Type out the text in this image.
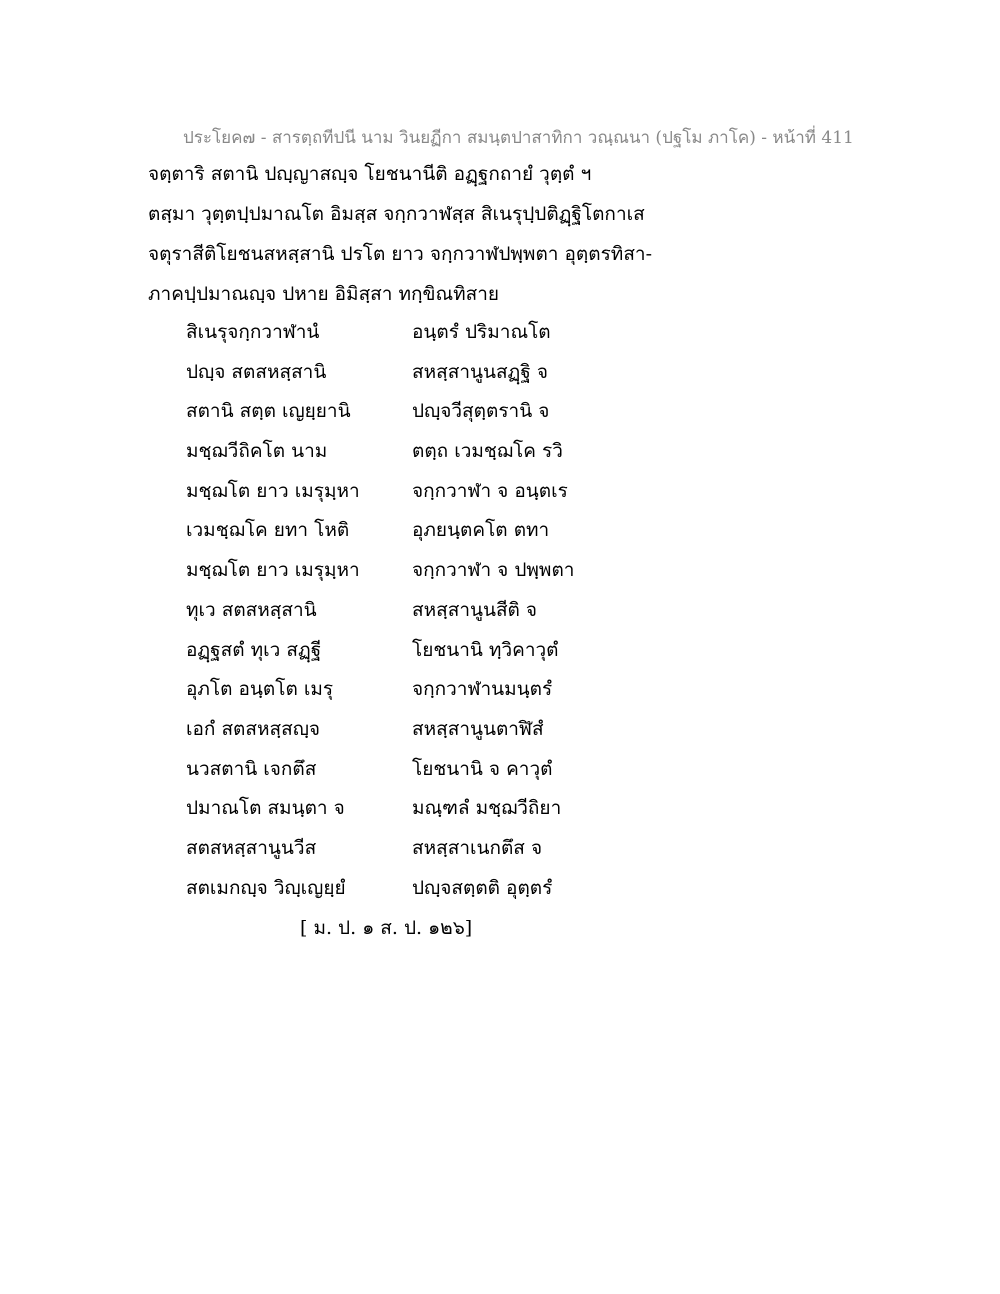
ประโยค๗ - สารตฺถทีปนี นาม วินยฏีกา สมนฺตปาสาทิกา วณฺณนา (ปฐโม ภาโค) - หน้าที่ 411
จตฺตาริ สตานิ ปญฺญาสญฺจ โยชนานีติ อฏฺฐกถายํ วุตฺตํ ฯ
ตสฺมา วุตฺตปฺปมาณโต อิมสฺส จกฺกวาฬสฺส สิเนรุปฺปติฏฺฐิโตกาเส
จตุราสีติโยชนสหสฺสานิ ปรโต ยาว จกฺกวาฬปพฺพตา อุตฺตรทิสา-
ภาคปฺปมาณญฺจ ปหาย อิมิสฺสา ทกฺขิณทิสาย
สิเนรุจกฺกวาฬานํ	อนฺตรํ ปริมาณโต
ปญฺจ สตสหสฺสานิ	สหสฺสานูนสฏฺฐิ จ
สตานิ สตฺต เญยฺยานิ	ปญฺจวีสุตฺตรานิ จ
มชฺฌวีถิคโต นาม	ตตฺถ เวมชฺฌโค รวิ
มชฺฌโต ยาว เมรุมฺหา	จกฺกวาฬา จ อนฺตเร
เวมชฺฌโค ยทา โหติ	อุภยนฺตคโต ตทา
มชฺฌโต ยาว เมรุมฺหา	จกฺกวาฬา จ ปพฺพตา
ทุเว สตสหสฺสานิ	สหสฺสานูนสีติ จ
อฏฺฐสตํ ทุเว สฏฺฐี	โยชนานิ ทฺวิคาวุตํ
อุภโต อนฺตโต เมรุ	จกฺกวาฬานมนฺตรํ
เอกํ สตสหสฺสญฺจ	สหสฺสานูนตาฬิสํ
นวสตานิ เจกตึส	โยชนานิ จ คาวุตํ
ปมาณโต สมนฺตา จ	มณฺฑลํ มชฺฌวีถิยา
สตสหสฺสานูนวีส	สหสฺสาเนกตึส จ
สตเมกญฺจ วิญฺเญยฺยํ	ปญฺจสตฺตติ อุตฺตรํ
[ ม. ป. ๑ ส. ป. ๑๒๖]
